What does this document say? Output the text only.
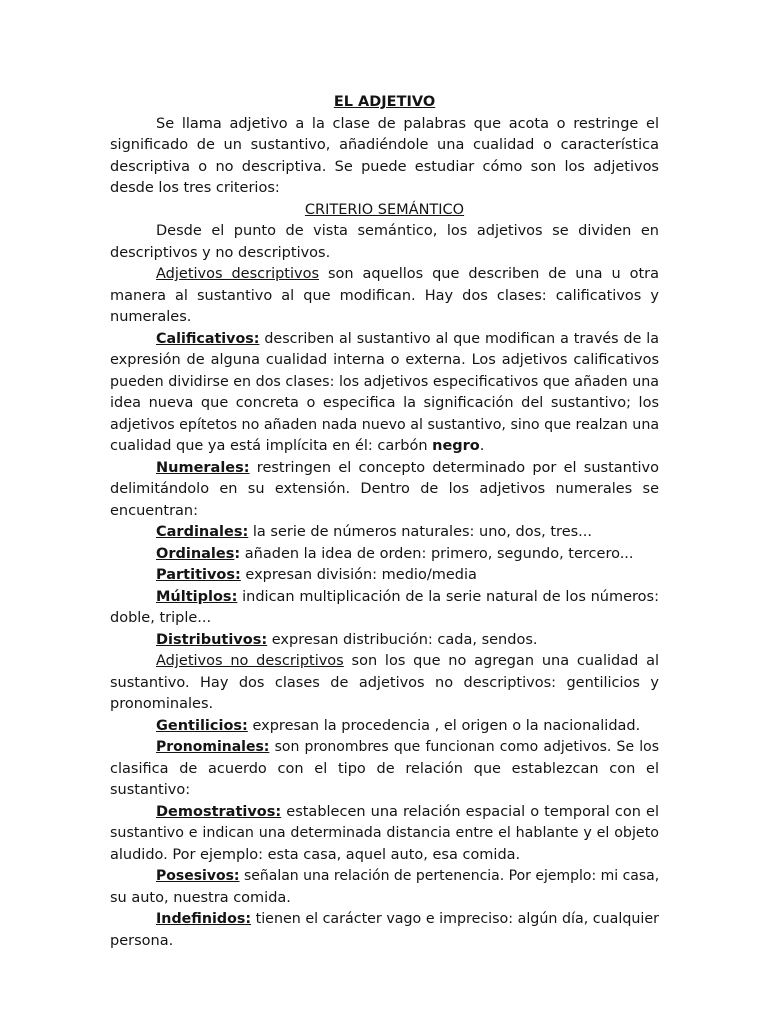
EL ADJETIVO
Se llama adjetivo a la clase de palabras que acota o restringe el
significado de un sustantivo, añadiéndole una cualidad o característica
descriptiva o no descriptiva. Se puede estudiar cómo son los adjetivos
desde los tres criterios:
CRITERIO SEMÁNTICO
Desde el punto de vista semántico, los adjetivos se dividen en
descriptivos y no descriptivos.
Adjetivos descriptivos son aquellos que describen de una u otra
manera al sustantivo al que modifican. Hay dos clases: calificativos y
numerales.
Calificativos: describen al sustantivo al que modifican a través de la
expresión de alguna cualidad interna o externa. Los adjetivos calificativos
pueden dividirse en dos clases: los adjetivos especificativos que añaden una
idea nueva que concreta o especifica la significación del sustantivo; los
adjetivos epítetos no añaden nada nuevo al sustantivo, sino que realzan una
cualidad que ya está implícita en él: carbón negro.
Numerales: restringen el concepto determinado por el sustantivo
delimitándolo en su extensión. Dentro de los adjetivos numerales se
encuentran:
Cardinales: la serie de números naturales: uno, dos, tres...
Ordinales: añaden la idea de orden: primero, segundo, tercero...
Partitivos: expresan división: medio/media
Múltiplos: indican multiplicación de la serie natural de los números:
doble, triple...
Distributivos: expresan distribución: cada, sendos.
Adjetivos no descriptivos son los que no agregan una cualidad al
sustantivo. Hay dos clases de adjetivos no descriptivos: gentilicios y
pronominales.
Gentilicios: expresan la procedencia , el origen o la nacionalidad.
Pronominales: son pronombres que funcionan como adjetivos. Se los
clasifica de acuerdo con el tipo de relación que establezcan con el
sustantivo:
Demostrativos: establecen una relación espacial o temporal con el
sustantivo e indican una determinada distancia entre el hablante y el objeto
aludido. Por ejemplo: esta casa, aquel auto, esa comida.
Posesivos: señalan una relación de pertenencia. Por ejemplo: mi casa,
su auto, nuestra comida.
Indefinidos: tienen el carácter vago e impreciso: algún día, cualquier
persona.
